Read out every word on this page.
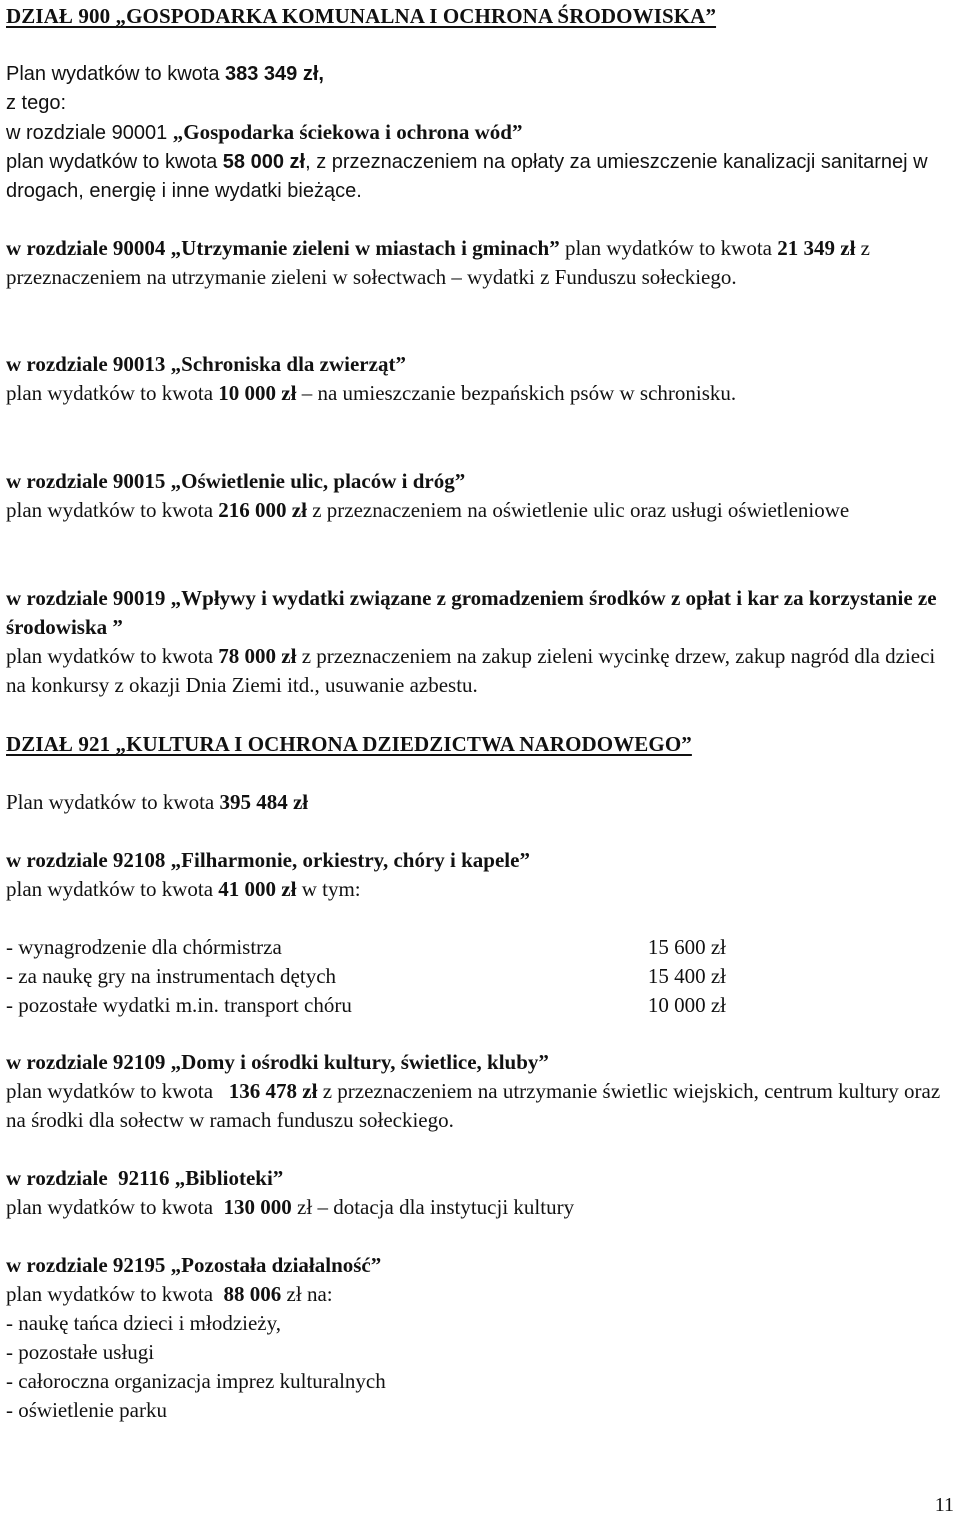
DZIAŁ 900 „GOSPODARKA KOMUNALNA I OCHRONA ŚRODOWISKA”

Plan wydatków to kwota 383 349 zł,

z tego:

w rozdziale 90001 „Gospodarka ściekowa i ochrona wód”
plan wydatków to kwota 58 000 zł, z przeznaczeniem na opłaty za umieszczenie kanalizacji sanitarnej w drogach, energię i inne wydatki bieżące.
w rozdziale 90004 „Utrzymanie zieleni w miastach i gminach” plan wydatków to kwota 21 349 zł z przeznaczeniem na utrzymanie zieleni w sołectwach – wydatki z Funduszu sołeckiego.
w rozdziale 90013 „Schroniska dla zwierząt”
plan wydatków to kwota 10 000 zł – na umieszczanie bezpańskich psów w schronisku.
w rozdziale 90015 „Oświetlenie ulic, placów i dróg”
plan wydatków to kwota 216 000 zł z przeznaczeniem na oświetlenie ulic oraz usługi oświetleniowe
w rozdziale 90019 „Wpływy i wydatki związane z gromadzeniem środków z opłat i kar za korzystanie ze środowiska ”
plan wydatków to kwota 78 000 zł z przeznaczeniem na zakup zieleni wycinkę drzew, zakup nagród dla dzieci na konkursy z okazji Dnia Ziemi itd., usuwanie azbestu.

DZIAŁ 921 „KULTURA I OCHRONA DZIEDZICTWA NARODOWEGO”

Plan wydatków to kwota 395 484 zł

w rozdziale 92108 „Filharmonie, orkiestry, chóry i kapele”
plan wydatków to kwota 41 000 zł w tym:
- wynagrodzenie dla chórmistrza	15 600 zł
- za naukę gry na instrumentach dętych	15 400 zł
- pozostałe wydatki m.in. transport chóru	10 000 zł
w rozdziale 92109 „Domy i ośrodki kultury, świetlice, kluby”
plan wydatków to kwota   136 478 zł z przeznaczeniem na utrzymanie świetlic wiejskich, centrum kultury oraz na środki dla sołectw w ramach funduszu sołeckiego.
w rozdziale  92116 „Biblioteki”
plan wydatków to kwota  130 000 zł – dotacja dla instytucji kultury
w rozdziale 92195 „Pozostała działalność”
plan wydatków to kwota  88 006 zł na:
- naukę tańca dzieci i młodzieży,
- pozostałe usługi
- całoroczna organizacja imprez kulturalnych
- oświetlenie parku
11
